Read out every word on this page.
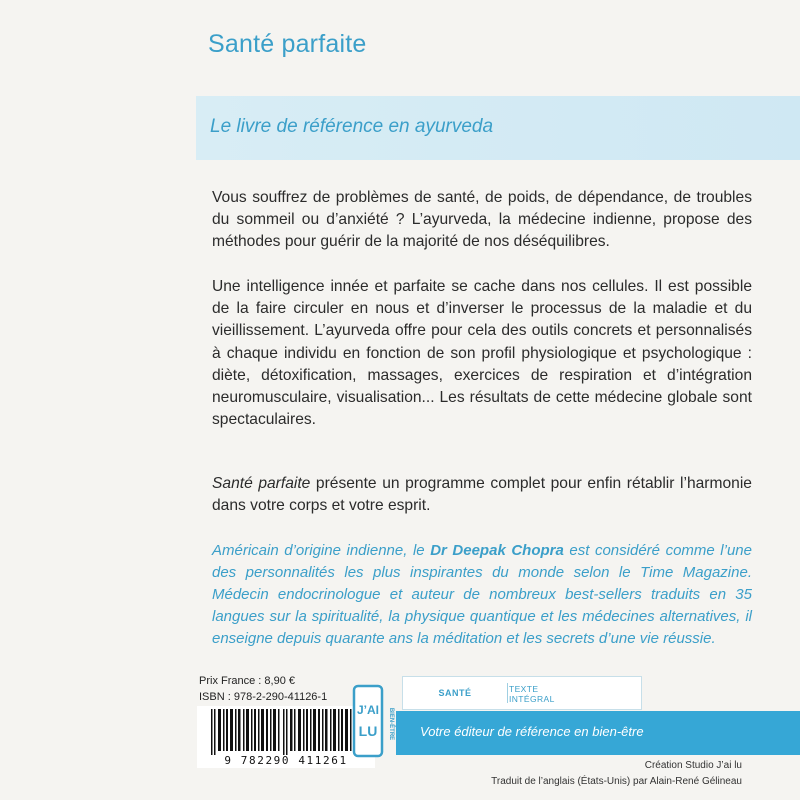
Santé parfaite
Le livre de référence en ayurveda
Vous souffrez de problèmes de santé, de poids, de dépendance, de troubles du sommeil ou d’anxiété ? L’ayurveda, la médecine indienne, propose des méthodes pour guérir de la majorité de nos déséquilibres.
Une intelligence innée et parfaite se cache dans nos cellules. Il est possible de la faire circuler en nous et d’inverser le processus de la maladie et du vieillissement. L’ayurveda offre pour cela des outils concrets et personnalisés à chaque individu en fonction de son profil physiologique et psychologique : diète, détoxification, massages, exercices de respiration et d’intégration neuromusculaire, visualisation... Les résultats de cette médecine globale sont spectaculaires.
Santé parfaite présente un programme complet pour enfin rétablir l’harmonie dans votre corps et votre esprit.
Américain d’origine indienne, le Dr Deepak Chopra est considéré comme l’une des personnalités les plus inspirantes du monde selon le Time Magazine. Médecin endocrinologue et auteur de nombreux best-sellers traduits en 35 langues sur la spiritualité, la physique quantique et les médecines alternatives, il enseigne depuis quarante ans la méditation et les secrets d’une vie réussie.
Prix France : 8,90 €
ISBN : 978-2-290-41126-1
9 782290 411261
J’AI
LU BIEN-ÊTRE
SANTÉ	TEXTE
INTÉGRAL
Votre éditeur de référence en bien-être
Création Studio J’ai lu
Traduit de l’anglais (États-Unis) par Alain-René Gélineau
